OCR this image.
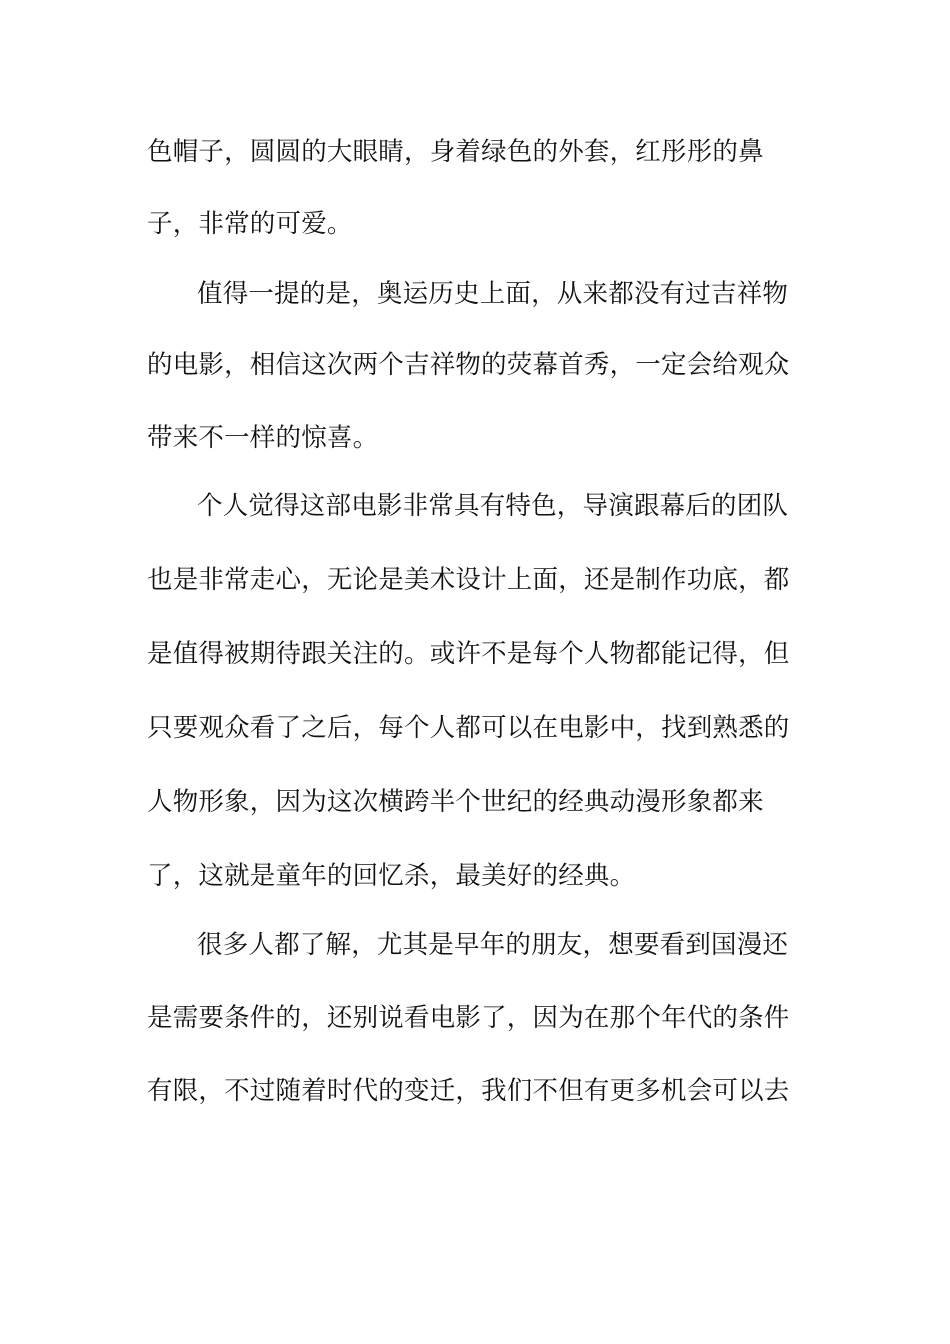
色帽子，圆圆的大眼睛，身着绿色的外套，红彤彤的鼻
子，非常的可爱。
值得一提的是，奥运历史上面，从来都没有过吉祥物
的电影，相信这次两个吉祥物的荧幕首秀，一定会给观众
带来不一样的惊喜。
个人觉得这部电影非常具有特色，导演跟幕后的团队
也是非常走心，无论是美术设计上面，还是制作功底，都
是值得被期待跟关注的。或许不是每个人物都能记得，但
只要观众看了之后，每个人都可以在电影中，找到熟悉的
人物形象，因为这次横跨半个世纪的经典动漫形象都来
了，这就是童年的回忆杀，最美好的经典。
很多人都了解，尤其是早年的朋友，想要看到国漫还
是需要条件的，还别说看电影了，因为在那个年代的条件
有限，不过随着时代的变迁，我们不但有更多机会可以去
